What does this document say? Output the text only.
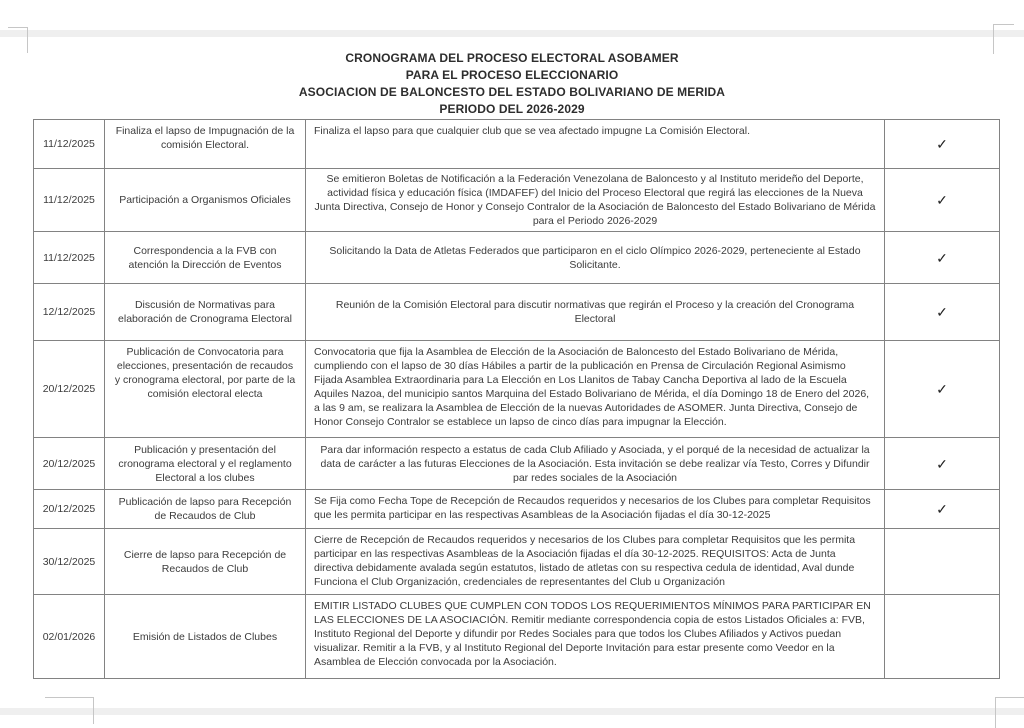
CRONOGRAMA DEL PROCESO ELECTORAL ASOBAMER
PARA EL PROCESO ELECCIONARIO
ASOCIACION DE BALONCESTO DEL ESTADO BOLIVARIANO DE MERIDA
PERIODO DEL 2026-2029
11/12/2025	Finaliza el lapso de Impugnación de la comisión Electoral.	Finaliza el lapso para que cualquier club que se vea afectado impugne La Comisión Electoral.	✓
11/12/2025	Participación a Organismos Oficiales	Se emitieron Boletas de Notificación a la Federación Venezolana de Baloncesto y al Instituto merideño del Deporte, actividad física y educación física (IMDAFEF) del Inicio del Proceso Electoral que regirá las elecciones de la Nueva Junta Directiva, Consejo de Honor y Consejo Contralor de la Asociación de Baloncesto del Estado Bolivariano de Mérida para el Periodo 2026-2029	✓
11/12/2025	Correspondencia a la FVB con atención la Dirección de Eventos	Solicitando la Data de Atletas Federados que participaron en el ciclo Olímpico 2026-2029, perteneciente al Estado Solicitante.	✓
12/12/2025	Discusión de Normativas para elaboración de Cronograma Electoral	Reunión de la Comisión Electoral para discutir normativas que regirán el Proceso y la creación del Cronograma Electoral	✓
20/12/2025	Publicación de Convocatoria para elecciones, presentación de recaudos y cronograma electoral, por parte de la comisión electoral electa	Convocatoria que fija la Asamblea de Elección de la Asociación de Baloncesto del Estado Bolivariano de Mérida, cumpliendo con el lapso de 30 días Hábiles a partir de la publicación en Prensa de Circulación Regional Asimismo Fijada Asamblea Extraordinaria para La Elección en Los Llanitos de Tabay Cancha Deportiva al lado de la Escuela Aquiles Nazoa, del municipio santos Marquina del Estado Bolivariano de Mérida, el día Domingo 18 de Enero del 2026, a las 9 am, se realizara la Asamblea de Elección de la nuevas Autoridades de ASOMER. Junta Directiva, Consejo de Honor Consejo Contralor se establece un lapso de cinco días para impugnar la Elección.	✓
20/12/2025	Publicación y presentación del cronograma electoral y el reglamento Electoral a los clubes	Para dar información respecto a estatus de cada Club Afiliado y Asociada, y el porqué de la necesidad de actualizar la data de carácter a las futuras Elecciones de la Asociación. Esta invitación se debe realizar vía Testo, Corres y Difundir par redes sociales de la Asociación	✓
20/12/2025	Publicación de lapso para Recepción de Recaudos de Club	Se Fija como Fecha Tope de Recepción de Recaudos requeridos y necesarios de los Clubes para completar Requisitos que les permita participar en las respectivas Asambleas de la Asociación fijadas el día 30-12-2025	✓
30/12/2025	Cierre de lapso para Recepción de Recaudos de Club	Cierre de Recepción de Recaudos requeridos y necesarios de los Clubes para completar Requisitos que les permita participar en las respectivas Asambleas de la Asociación fijadas el día 30-12-2025. REQUISITOS: Acta de Junta directiva debidamente avalada según estatutos, listado de atletas con su respectiva cedula de identidad, Aval dunde Funciona el Club Organización, credenciales de representantes del Club u Organización	
02/01/2026	Emisión de Listados de Clubes	EMITIR LISTADO CLUBES QUE CUMPLEN CON TODOS LOS REQUERIMIENTOS MÍNIMOS PARA PARTICIPAR EN LAS ELECCIONES DE LA ASOCIACIÓN. Remitir mediante correspondencia copia de estos Listados Oficiales a: FVB, Instituto Regional del Deporte y difundir por Redes Sociales para que todos los Clubes Afiliados y Activos puedan visualizar. Remitir a la FVB, y al Instituto Regional del Deporte Invitación para estar presente como Veedor en la Asamblea de Elección convocada por la Asociación.	
